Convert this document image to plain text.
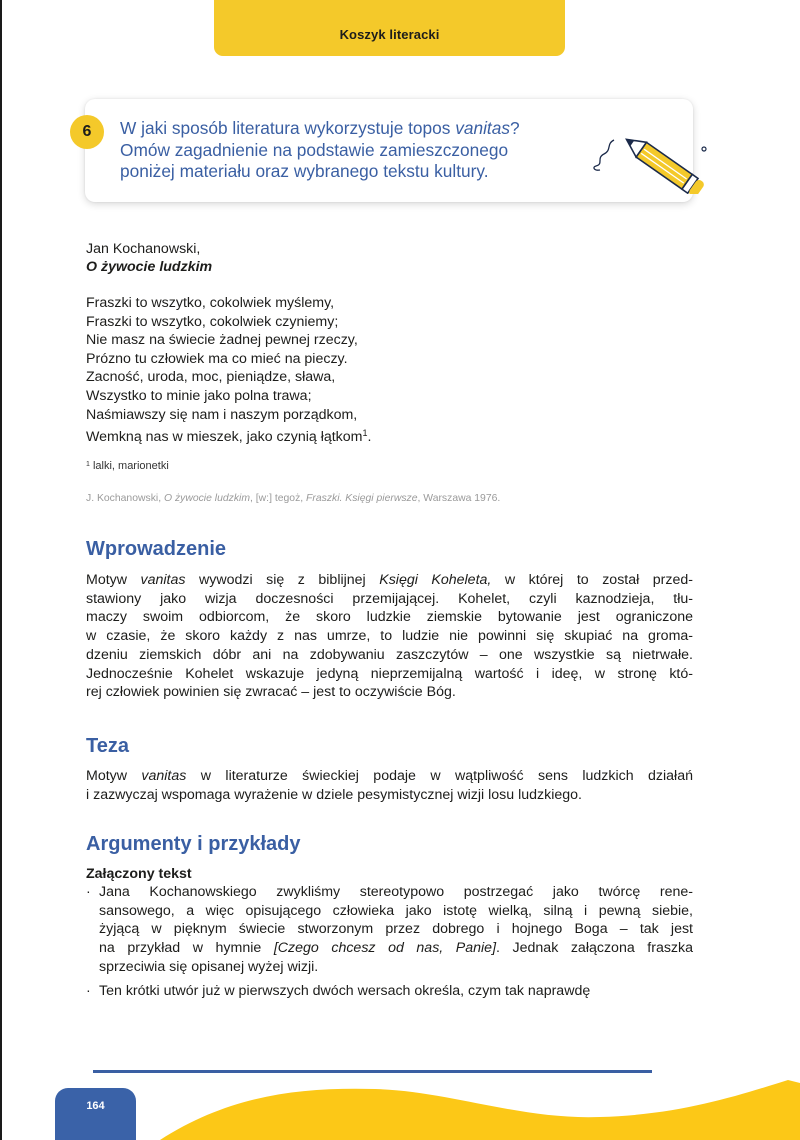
Koszyk literacki
6	W jaki sposób literatura wykorzystuje topos vanitas?
Omów zagadnienie na podstawie zamieszczonego
poniżej materiału oraz wybranego tekstu kultury.
Jan Kochanowski,
O żywocie ludzkim
Fraszki to wszytko, cokolwiek myślemy,
Fraszki to wszytko, cokolwiek czyniemy;
Nie masz na świecie żadnej pewnej rzeczy,
Prózno tu człowiek ma co mieć na pieczy.
Zacność, uroda, moc, pieniądze, sława,
Wszystko to minie jako polna trawa;
Naśmiawszy się nam i naszym porządkom,
Wemkną nas w mieszek, jako czynią łątkom$^1$.
$^1$ lalki, marionetki
J. Kochanowski, O żywocie ludzkim, [w:] tegoż, Fraszki. Księgi pierwsze, Warszawa 1976.
Wprowadzenie
Motyw vanitas wywodzi się z biblijnej Księgi Koheleta, w której to został przed-
stawiony jako wizja doczesności przemijającej. Kohelet, czyli kaznodzieja, tłu-
maczy swoim odbiorcom, że skoro ludzkie ziemskie bytowanie jest ograniczone
w czasie, że skoro każdy z nas umrze, to ludzie nie powinni się skupiać na groma-
dzeniu ziemskich dóbr ani na zdobywaniu zaszczytów – one wszystkie są nietrwałe.
Jednocześnie Kohelet wskazuje jedyną nieprzemijalną wartość i ideę, w stronę któ-
rej człowiek powinien się zwracać – jest to oczywiście Bóg.
Teza
Motyw vanitas w literaturze świeckiej podaje w wątpliwość sens ludzkich działań
i zazwyczaj wspomaga wyrażenie w dziele pesymistycznej wizji losu ludzkiego.
Argumenty i przykłady
Załączony tekst
· Jana Kochanowskiego zwykliśmy stereotypowo postrzegać jako twórcę rene-
sansowego, a więc opisującego człowieka jako istotę wielką, silną i pewną siebie,
żyjącą w pięknym świecie stworzonym przez dobrego i hojnego Boga – tak jest
na przykład w hymnie [Czego chcesz od nas, Panie]. Jednak załączona fraszka
sprzeciwia się opisanej wyżej wizji.
· Ten krótki utwór już w pierwszych dwóch wersach określa, czym tak naprawdę
164
